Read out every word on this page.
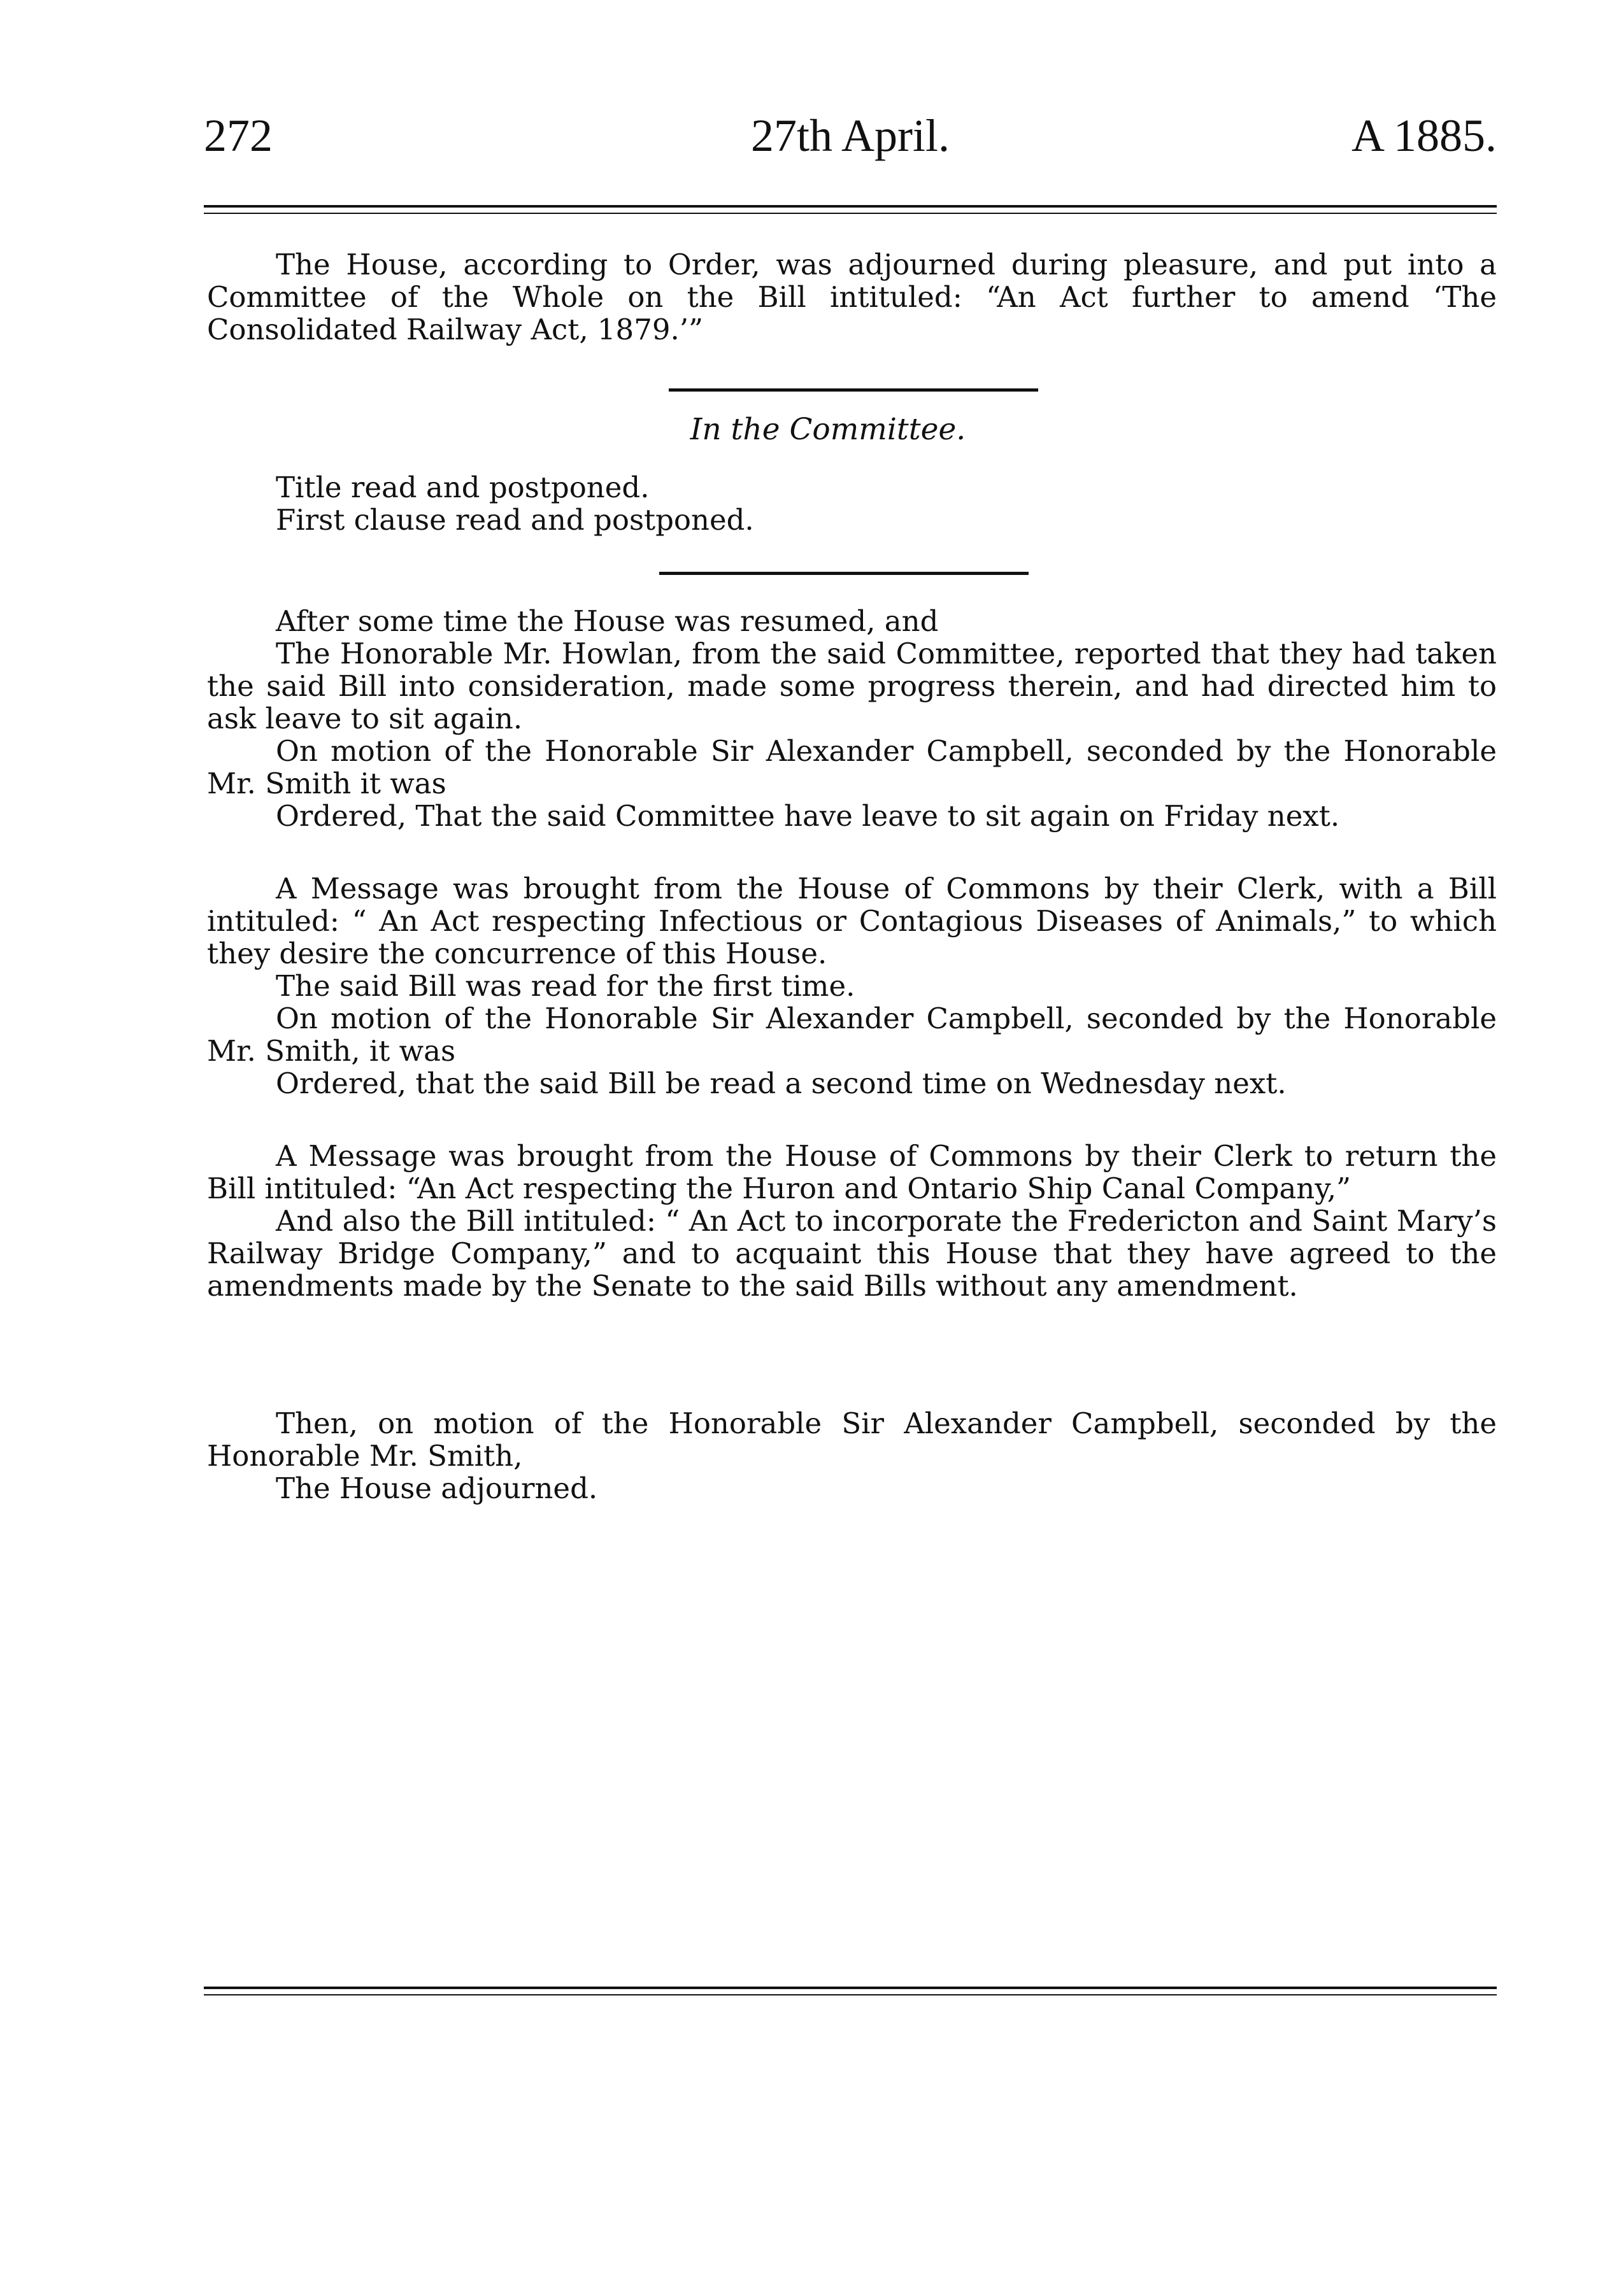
272	27th April.	A 1885.

The House, according to Order, was adjourned during pleasure, and put into a Committee of the Whole on the Bill intituled: “An Act further to amend ‘The Consolidated Railway Act, 1879.’”

In the Committee.

Title read and postponed.

First clause read and postponed.

After some time the House was resumed, and

The Honorable Mr. Howlan, from the said Committee, reported that they had taken the said Bill into consideration, made some progress therein, and had directed him to ask leave to sit again.

On motion of the Honorable Sir Alexander Campbell, seconded by the Honorable Mr. Smith it was

Ordered, That the said Committee have leave to sit again on Friday next.

A Message was brought from the House of Commons by their Clerk, with a Bill intituled: “ An Act respecting Infectious or Contagious Diseases of Animals,” to which they desire the concurrence of this House.

The said Bill was read for the first time.

On motion of the Honorable Sir Alexander Campbell, seconded by the Honorable Mr. Smith, it was

Ordered, that the said Bill be read a second time on Wednesday next.

A Message was brought from the House of Commons by their Clerk to return the Bill intituled: “An Act respecting the Huron and Ontario Ship Canal Company,”

And also the Bill intituled: “ An Act to incorporate the Fredericton and Saint Mary’s Railway Bridge Company,” and to acquaint this House that they have agreed to the amendments made by the Senate to the said Bills without any amendment.

Then, on motion of the Honorable Sir Alexander Campbell, seconded by the Honorable Mr. Smith,

The House adjourned.
